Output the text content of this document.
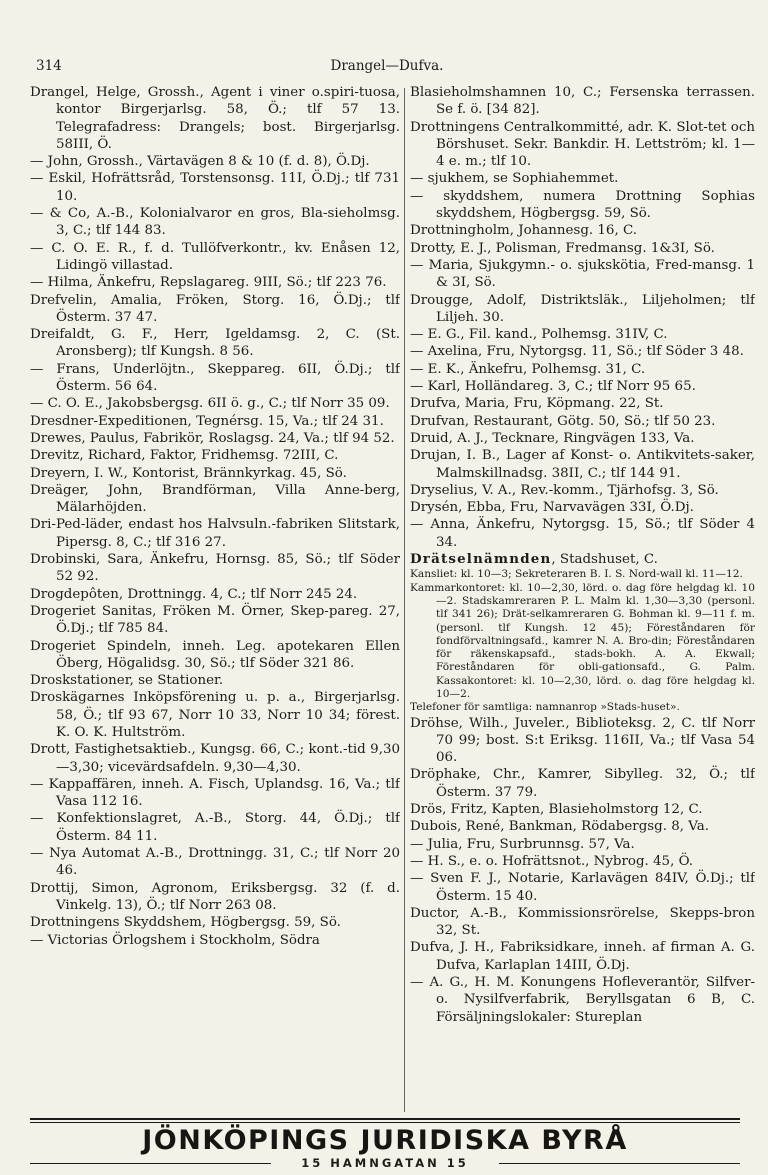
314	Drangel—Dufva.

Drangel, Helge, Grossh., Agent i viner o.spiri-tuosa, kontor Birgerjarlsg. 58, Ö.; tlf 57 13. Telegrafadress: Drangels; bost. Birgerjarlsg. 58III, Ö.

— John, Grossh., Värtavägen 8 & 10 (f. d. 8), Ö.Dj.

— Eskil, Hofrättsråd, Torstensonsg. 11I, Ö.Dj.; tlf 731 10.

— & Co, A.-B., Kolonialvaror en gros, Bla-sieholmsg. 3, C.; tlf 144 83.

— C. O. E. R., f. d. Tullöfverkontr., kv. Enåsen 12, Lidingö villastad.

— Hilma, Änkefru, Repslagareg. 9III, Sö.; tlf 223 76.

Drefvelin, Amalia, Fröken, Storg. 16, Ö.Dj.; tlf Österm. 37 47.

Dreifaldt, G. F., Herr, Igeldamsg. 2, C. (St. Aronsberg); tlf Kungsh. 8 56.

— Frans, Underlöjtn., Skeppareg. 6II, Ö.Dj.; tlf Österm. 56 64.

— C. O. E., Jakobsbergsg. 6II ö. g., C.; tlf Norr 35 09.

Dresdner-Expeditionen, Tegnérsg. 15, Va.; tlf 24 31.

Drewes, Paulus, Fabrikör, Roslagsg. 24, Va.; tlf 94 52.

Drevitz, Richard, Faktor, Fridhemsg. 72III, C.

Dreyern, I. W., Kontorist, Brännkyrkag. 45, Sö.

Dreäger, John, Brandförman, Villa Anne-berg, Mälarhöjden.

Dri-Ped-läder, endast hos Halvsuln.-fabriken Slitstark, Pipersg. 8, C.; tlf 316 27.

Drobinski, Sara, Änkefru, Hornsg. 85, Sö.; tlf Söder 52 92.

Drogdepôten, Drottningg. 4, C.; tlf Norr 245 24.

Drogeriet Sanitas, Fröken M. Örner, Skep-pareg. 27, Ö.Dj.; tlf 785 84.

Drogeriet Spindeln, inneh. Leg. apotekaren Ellen Öberg, Högalidsg. 30, Sö.; tlf Söder 321 86.

Droskstationer, se Stationer.

Droskägarnes Inköpsförening u. p. a., Birgerjarlsg. 58, Ö.; tlf 93 67, Norr 10 33, Norr 10 34; förest. K. O. K. Hultström.

Drott, Fastighetsaktieb., Kungsg. 66, C.; kont.-tid 9,30—3,30; vicevärdsafdeln. 9,30—4,30.

— Kappaffären, inneh. A. Fisch, Uplandsg. 16, Va.; tlf Vasa 112 16.

— Konfektionslagret, A.-B., Storg. 44, Ö.Dj.; tlf Österm. 84 11.

— Nya Automat A.-B., Drottningg. 31, C.; tlf Norr 20 46.

Drottij, Simon, Agronom, Eriksbergsg. 32 (f. d. Vinkelg. 13), Ö.; tlf Norr 263 08.

Drottningens Skyddshem, Högbergsg. 59, Sö.

— Victorias Örlogshem i Stockholm, Södra

Blasieholmshamnen 10, C.; Fersenska terrassen. Se f. ö. [34 82].

Drottningens Centralkommitté, adr. K. Slot-tet och Börshuset. Sekr. Bankdir. H. Lettström; kl. 1—4 e. m.; tlf 10.

— sjukhem, se Sophiahemmet.

— skyddshem, numera Drottning Sophias skyddshem, Högbergsg. 59, Sö.

Drottningholm, Johannesg. 16, C.

Drotty, E. J., Polisman, Fredmansg. 1&3I, Sö.

— Maria, Sjukgymn.- o. sjukskötia, Fred-mansg. 1 & 3I, Sö.

Drougge, Adolf, Distriktsläk., Liljeholmen; tlf Liljeh. 30.

— E. G., Fil. kand., Polhemsg. 31IV, C.

— Axelina, Fru, Nytorgsg. 11, Sö.; tlf Söder 3 48.

— E. K., Änkefru, Polhemsg. 31, C.

— Karl, Holländareg. 3, C.; tlf Norr 95 65.

Drufva, Maria, Fru, Köpmang. 22, St.

Drufvan, Restaurant, Götg. 50, Sö.; tlf 50 23.

Druid, A. J., Tecknare, Ringvägen 133, Va.

Drujan, I. B., Lager af Konst- o. Antikvitets-saker, Malmskillnadsg. 38II, C.; tlf 144 91.

Dryselius, V. A., Rev.-komm., Tjärhofsg. 3, Sö.

Drysén, Ebba, Fru, Narvavägen 33I, Ö.Dj.

— Anna, Änkefru, Nytorgsg. 15, Sö.; tlf Söder 4 34.

Drätselnämnden, Stadshuset, C.

Kansliet: kl. 10—3; Sekreteraren B. I. S. Nord-wall kl. 11—12.

Kammarkontoret: kl. 10—2,30, lörd. o. dag före helgdag kl. 10—2. Stadskamreraren P. L. Malm kl. 1,30—3,30 (personl. tlf 341 26); Drät-selkamreraren G. Bohman kl. 9—11 f. m. (personl. tlf Kungsh. 12 45); Föreståndaren för fondförvaltningsafd., kamrer N. A. Bro-din; Föreståndaren för räkenskapsafd., stads-bokh. A. A. Ekwall; Föreståndaren för obli-gationsafd., G. Palm. Kassakontoret: kl. 10—2,30, lörd. o. dag före helgdag kl. 10—2.

Telefoner för samtliga: namnanrop »Stads-huset».

Dröhse, Wilh., Juveler., Biblioteksg. 2, C. tlf Norr 70 99; bost. S:t Eriksg. 116II, Va.; tlf Vasa 54 06.

Dröphake, Chr., Kamrer, Sibylleg. 32, Ö.; tlf Österm. 37 79.

Drös, Fritz, Kapten, Blasieholmstorg 12, C.

Dubois, René, Bankman, Rödabergsg. 8, Va.

— Julia, Fru, Surbrunnsg. 57, Va.

— H. S., e. o. Hofrättsnot., Nybrog. 45, Ö.

— Sven F. J., Notarie, Karlavägen 84IV, Ö.Dj.; tlf Österm. 15 40.

Ductor, A.-B., Kommissionsrörelse, Skepps-bron 32, St.

Dufva, J. H., Fabriksidkare, inneh. af firman A. G. Dufva, Karlaplan 14III, Ö.Dj.

— A. G., H. M. Konungens Hofleverantör, Silfver- o. Nysilfverfabrik, Beryllsgatan 6 B, C. Försäljningslokaler: Stureplan

JÖNKÖPINGS JURIDISKA BYRÅ
15 HAMNGATAN 15
